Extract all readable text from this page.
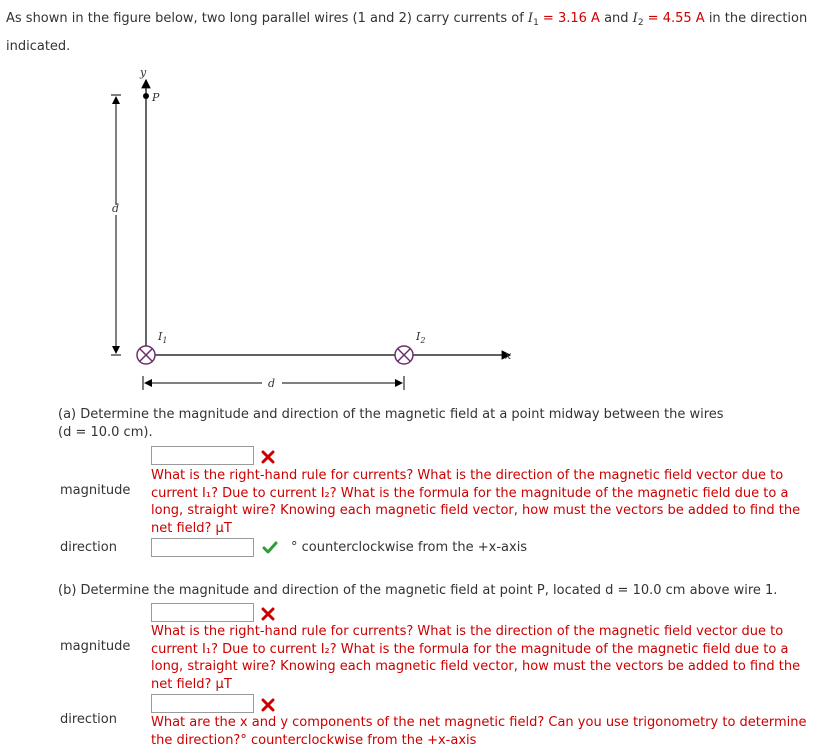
As shown in the figure below, two long parallel wires (1 and 2) carry currents of $I_1 = 3.16$ A and $I_2 = 4.55$ A in the direction
indicated.
y
P
x
d
d
$I_1$	$I_2$
(a) Determine the magnitude and direction of the magnetic field at a point midway between the wires
(d = 10.0 cm).
magnitude
What is the right-hand rule for currents? What is the direction of the magnetic field vector due to
current I₁? Due to current I₂? What is the formula for the magnitude of the magnetic field due to a
long, straight wire? Knowing each magnetic field vector, how must the vectors be added to find the
net field? μT
direction	° counterclockwise from the +x-axis
(b) Determine the magnitude and direction of the magnetic field at point P, located d = 10.0 cm above wire 1.
magnitude
What is the right-hand rule for currents? What is the direction of the magnetic field vector due to
current I₁? Due to current I₂? What is the formula for the magnitude of the magnetic field due to a
long, straight wire? Knowing each magnetic field vector, how must the vectors be added to find the
net field? μT
direction	What are the x and y components of the net magnetic field? Can you use trigonometry to determine
the direction?° counterclockwise from the +x-axis
